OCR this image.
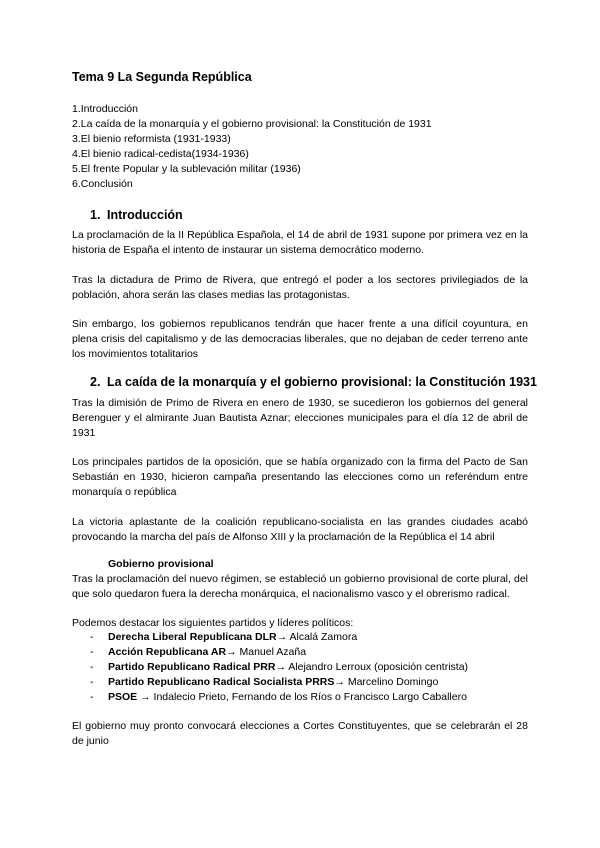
Tema 9 La Segunda República
1.Introducción
2.La caída de la monarquía y el gobierno provisional: la Constitución de 1931
3.El bienio reformista (1931-1933)
4.El bienio radical-cedista(1934-1936)
5.El frente Popular y la sublevación militar (1936)
6.Conclusión
1. Introducción
La proclamación de la II República Española, el 14 de abril de 1931 supone por primera vez en la historia de España el intento de instaurar un sistema democrático moderno.
Tras la dictadura de Primo de Rivera, que entregó el poder a los sectores privilegiados de la población, ahora serán las clases medias las protagonistas.
Sin embargo, los gobiernos republicanos tendrán que hacer frente a una difícil coyuntura, en plena crisis del capitalismo y de las democracias liberales, que no dejaban de ceder terreno ante los movimientos totalitarios
2. La caída de la monarquía y el gobierno provisional: la Constitución 1931
Tras la dimisión de Primo de Rivera en enero de 1930, se sucedieron los gobiernos del general Berenguer y el almirante Juan Bautista Aznar; elecciones municipales para el día 12 de abril de 1931
Los principales partidos de la oposición, que se había organizado con la firma del Pacto de San Sebastián en 1930, hicieron campaña presentando las elecciones como un referéndum entre monarquía o república
La victoria aplastante de la coalición republicano-socialista en las grandes ciudades acabó provocando la marcha del país de Alfonso XIII y la proclamación de la República el 14 abril
Gobierno provisional
Tras la proclamación del nuevo régimen, se estableció un gobierno provisional de corte plural, del que solo quedaron fuera la derecha monárquica, el nacionalismo vasco y el obrerismo radical.
Podemos destacar los siguientes partidos y líderes políticos:
- Derecha Liberal Republicana DLR→ Alcalá Zamora
- Acción Republicana AR→ Manuel Azaña
- Partido Republicano Radical PRR→ Alejandro Lerroux (oposición centrista)
- Partido Republicano Radical Socialista PRRS→ Marcelino Domingo
- PSOE → Indalecio Prieto, Fernando de los Ríos o Francisco Largo Caballero
El gobierno muy pronto convocará elecciones a Cortes Constituyentes, que se celebrarán el 28 de junio
